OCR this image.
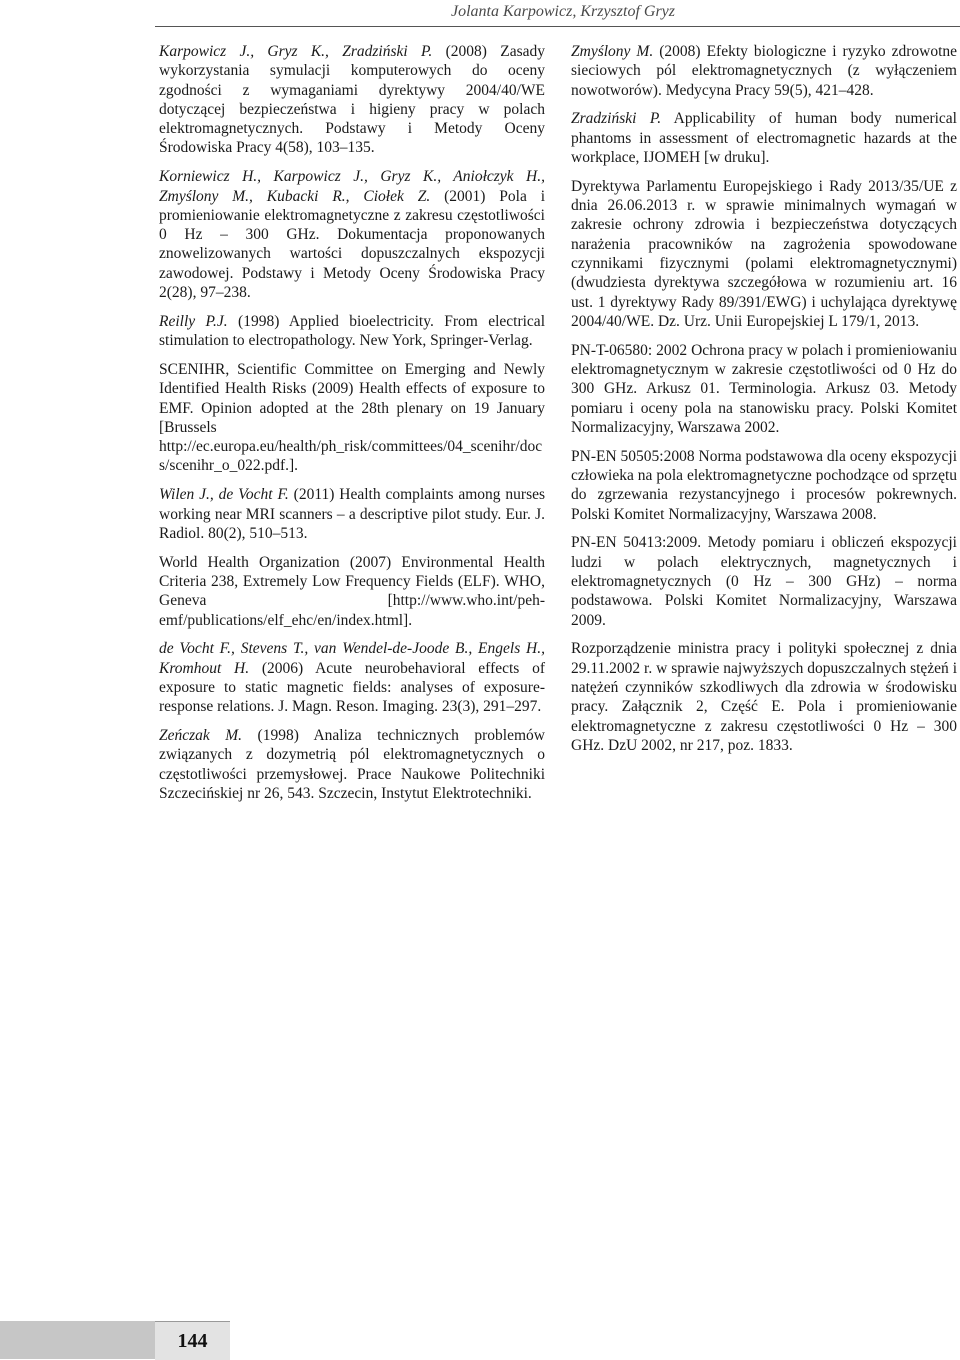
Jolanta Karpowicz, Krzysztof Gryz

Karpowicz J., Gryz K., Zradziński P. (2008) Zasady wykorzystania symulacji komputerowych do oceny zgodności z wymaganiami dyrektywy 2004/40/WE dotyczącej bezpieczeństwa i higieny pracy w polach elektromagnetycznych. Podstawy i Metody Oceny Środowiska Pracy 4(58), 103–135.

Korniewicz H., Karpowicz J., Gryz K., Aniołczyk H., Zmyślony M., Kubacki R., Ciołek Z. (2001) Pola i promieniowanie elektromagnetyczne z zakresu częstotliwości 0 Hz – 300 GHz. Dokumentacja proponowanych znowelizowanych wartości dopuszczalnych ekspozycji zawodowej. Podstawy i Metody Oceny Środowiska Pracy 2(28), 97–238.

Reilly P.J. (1998) Applied bioelectricity. From electrical stimulation to electropathology. New York, Springer-Verlag.

SCENIHR, Scientific Committee on Emerging and Newly Identified Health Risks (2009) Health effects of exposure to EMF. Opinion adopted at the 28th plenary on 19 January [Brussels http://ec.europa.eu/health/ph_risk/committees/04_scenihr/docs/scenihr_o_022.pdf.].

Wilen J., de Vocht F. (2011) Health complaints among nurses working near MRI scanners – a descriptive pilot study. Eur. J. Radiol. 80(2), 510–513.

World Health Organization (2007) Environmental Health Criteria 238, Extremely Low Frequency Fields (ELF). WHO, Geneva [http://www.who.int/peh-emf/publications/elf_ehc/en/index.html].

de Vocht F., Stevens T., van Wendel-de-Joode B., Engels H., Kromhout H. (2006) Acute neurobehavioral effects of exposure to static magnetic fields: analyses of exposure-response relations. J. Magn. Reson. Imaging. 23(3), 291–297.

Zeńczak M. (1998) Analiza technicznych problemów związanych z dozymetrią pól elektromagnetycznych o częstotliwości przemysłowej. Prace Naukowe Politechniki Szczecińskiej nr 26, 543. Szczecin, Instytut Elektrotechniki.

Zmyślony M. (2008) Efekty biologiczne i ryzyko zdrowotne sieciowych pól elektromagnetycznych (z wyłączeniem nowotworów). Medycyna Pracy 59(5), 421–428.

Zradziński P. Applicability of human body numerical phantoms in assessment of electromagnetic hazards at the workplace, IJOMEH [w druku].

Dyrektywa Parlamentu Europejskiego i Rady 2013/35/UE z dnia 26.06.2013 r. w sprawie minimalnych wymagań w zakresie ochrony zdrowia i bezpieczeństwa dotyczących narażenia pracowników na zagrożenia spowodowane czynnikami fizycznymi (polami elektromagnetycznymi) (dwudziesta dyrektywa szczegółowa w rozumieniu art. 16 ust. 1 dyrektywy Rady 89/391/EWG) i uchylająca dyrektywę 2004/40/WE. Dz. Urz. Unii Europejskiej L 179/1, 2013.

PN-T-06580: 2002 Ochrona pracy w polach i promieniowaniu elektromagnetycznym w zakresie częstotliwości od 0 Hz do 300 GHz. Arkusz 01. Terminologia. Arkusz 03. Metody pomiaru i oceny pola na stanowisku pracy. Polski Komitet Normalizacyjny, Warszawa 2002.

PN-EN 50505:2008 Norma podstawowa dla oceny ekspozycji człowieka na pola elektromagnetyczne pochodzące od sprzętu do zgrzewania rezystancyjnego i procesów pokrewnych. Polski Komitet Normalizacyjny, Warszawa 2008.

PN-EN 50413:2009. Metody pomiaru i obliczeń ekspozycji ludzi w polach elektrycznych, magnetycznych i elektromagnetycznych (0 Hz – 300 GHz) – norma podstawowa. Polski Komitet Normalizacyjny, Warszawa 2009.

Rozporządzenie ministra pracy i polityki społecznej z dnia 29.11.2002 r. w sprawie najwyższych dopuszczalnych stężeń i natężeń czynników szkodliwych dla zdrowia w środowisku pracy. Załącznik 2, Część E. Pola i promieniowanie elektromagnetyczne z zakresu częstotliwości 0 Hz – 300 GHz. DzU 2002, nr 217, poz. 1833.

144
